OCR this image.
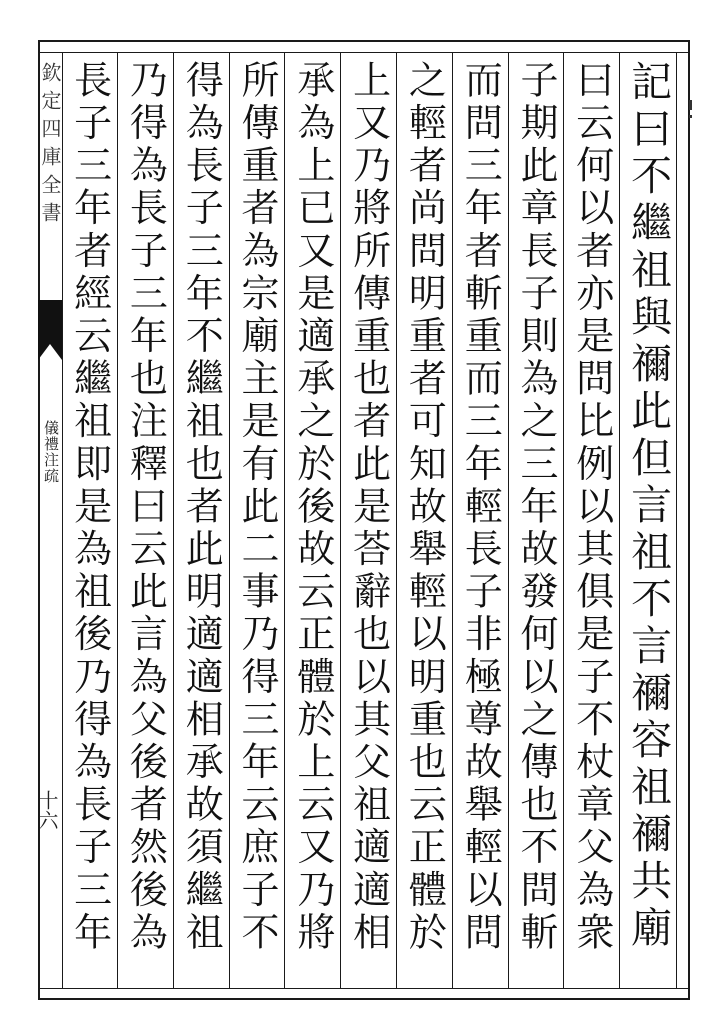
欽定四庫全書
儀禮注疏
十六	記曰不繼祖與禰此但言祖不言禰容祖禰共廟
曰云何以者亦是問比例以其俱是子不杖章父為衆
子期此章長子則為之三年故發何以之傳也不問斬
而問三年者斬重而三年輕長子非極尊故舉輕以問
之輕者尚問明重者可知故舉輕以明重也云正體於
上又乃將所傳重也者此是荅辭也以其父祖適適相
承為上已又是適承之於後故云正體於上云又乃將
所傳重者為宗廟主是有此二事乃得三年云庶子不
得為長子三年不繼祖也者此明適適相承故須繼祖
乃得為長子三年也注釋曰云此言為父後者然後為
長子三年者經云繼祖即是為祖後乃得為長子三年
